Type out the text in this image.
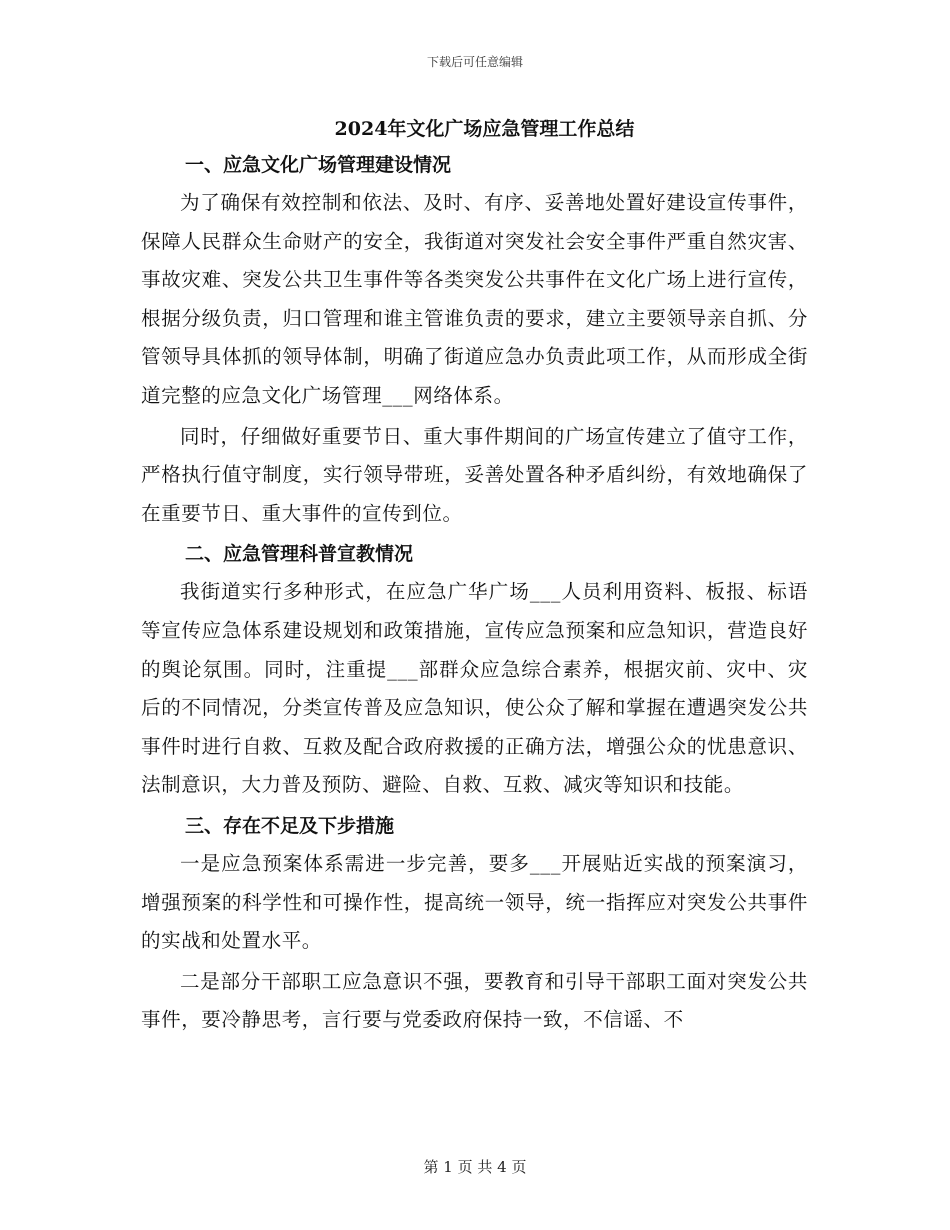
下载后可任意编辑
2024年文化广场应急管理工作总结
一、应急文化广场管理建设情况

为了确保有效控制和依法、及时、有序、妥善地处置好建设宣传事件，保障人民群众生命财产的安全，我街道对突发社会安全事件严重自然灾害、事故灾难、突发公共卫生事件等各类突发公共事件在文化广场上进行宣传，根据分级负责，归口管理和谁主管谁负责的要求，建立主要领导亲自抓、分管领导具体抓的领导体制，明确了街道应急办负责此项工作，从而形成全街道完整的应急文化广场管理___网络体系。

同时，仔细做好重要节日、重大事件期间的广场宣传建立了值守工作，严格执行值守制度，实行领导带班，妥善处置各种矛盾纠纷，有效地确保了在重要节日、重大事件的宣传到位。

二、应急管理科普宣教情况

我街道实行多种形式，在应急广华广场___人员利用资料、板报、标语等宣传应急体系建设规划和政策措施，宣传应急预案和应急知识，营造良好的舆论氛围。同时，注重提___部群众应急综合素养，根据灾前、灾中、灾后的不同情况，分类宣传普及应急知识，使公众了解和掌握在遭遇突发公共事件时进行自救、互救及配合政府救援的正确方法，增强公众的忧患意识、法制意识，大力普及预防、避险、自救、互救、减灾等知识和技能。

三、存在不足及下步措施

一是应急预案体系需进一步完善，要多___开展贴近实战的预案演习，增强预案的科学性和可操作性，提高统一领导，统一指挥应对突发公共事件的实战和处置水平。

二是部分干部职工应急意识不强，要教育和引导干部职工面对突发公共事件，要冷静思考，言行要与党委政府保持一致，不信谣、不

第 1 页 共 4 页
